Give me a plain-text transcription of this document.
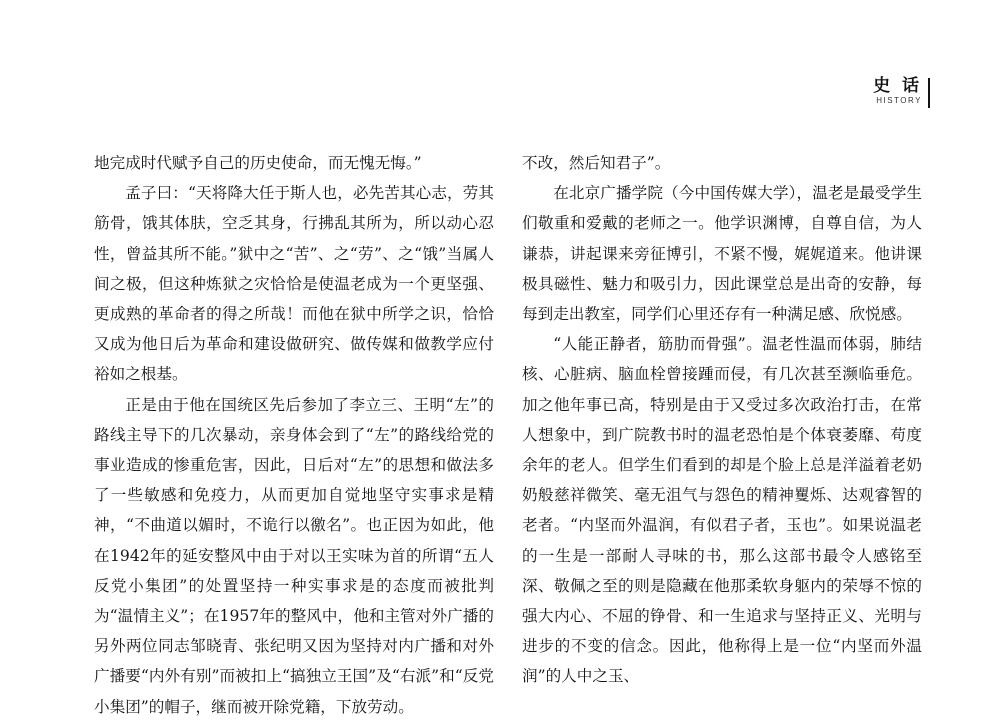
史 话
HISTORY

地完成时代赋予自己的历史使命，而无愧无悔。”

孟子曰：“天将降大任于斯人也，必先苦其心志，劳其筋骨，饿其体肤，空乏其身，行拂乱其所为，所以动心忍性，曾益其所不能。”狱中之“苦”、之“劳”、之“饿”当属人间之极，但这种炼狱之灾恰恰是使温老成为一个更坚强、更成熟的革命者的得之所哉！而他在狱中所学之识，恰恰又成为他日后为革命和建设做研究、做传媒和做教学应付裕如之根基。

正是由于他在国统区先后参加了李立三、王明“左”的路线主导下的几次暴动，亲身体会到了“左”的路线给党的事业造成的惨重危害，因此，日后对“左”的思想和做法多了一些敏感和免疫力，从而更加自觉地坚守实事求是精神，“不曲道以媚时，不诡行以徼名”。也正因为如此，他在1942年的延安整风中由于对以王实味为首的所谓“五人反党小集团”的处置坚持一种实事求是的态度而被批判为“温情主义”；在1957年的整风中，他和主管对外广播的另外两位同志邹晓青、张纪明又因为坚持对内广播和对外广播要“内外有别”而被扣上“搞独立王国”及“右派”和“反党小集团”的帽子，继而被开除党籍，下放劳动。

不改，然后知君子”。

在北京广播学院（今中国传媒大学），温老是最受学生们敬重和爱戴的老师之一。他学识渊博，自尊自信，为人谦恭，讲起课来旁征博引，不紧不慢，娓娓道来。他讲课极具磁性、魅力和吸引力，因此课堂总是出奇的安静，每每到走出教室，同学们心里还存有一种满足感、欣悦感。

“人能正静者，筋肋而骨强”。温老性温而体弱，肺结核、心脏病、脑血栓曾接踵而侵，有几次甚至濒临垂危。加之他年事已高，特别是由于又受过多次政治打击，在常人想象中，到广院教书时的温老恐怕是个体衰萎靡、苟度余年的老人。但学生们看到的却是个脸上总是洋溢着老奶奶般慈祥微笑、毫无沮气与怨色的精神矍烁、达观睿智的老者。“内坚而外温润，有似君子者，玉也”。如果说温老的一生是一部耐人寻味的书，那么这部书最令人感铭至深、敬佩之至的则是隐藏在他那柔软身躯内的荣辱不惊的强大内心、不屈的铮骨、和一生追求与坚持正义、光明与进步的不变的信念。因此，他称得上是一位“内坚而外温润”的人中之玉、
